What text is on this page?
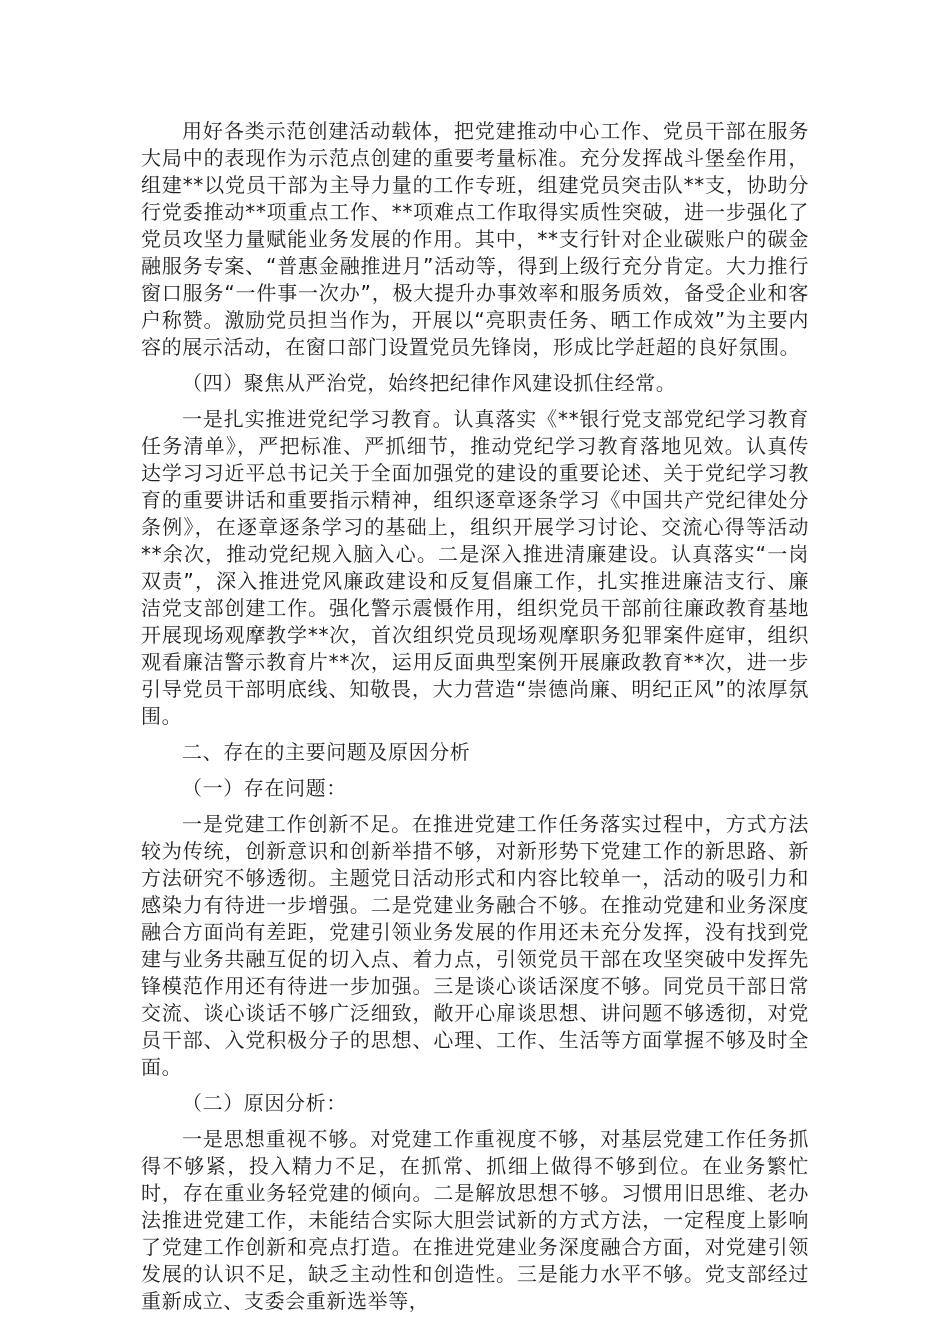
用好各类示范创建活动载体，把党建推动中心工作、党员干部在服务大局中的表现作为示范点创建的重要考量标准。充分发挥战斗堡垒作用，组建**以党员干部为主导力量的工作专班，组建党员突击队**支，协助分行党委推动**项重点工作、**项难点工作取得实质性突破，进一步强化了党员攻坚力量赋能业务发展的作用。其中，**支行针对企业碳账户的碳金融服务专案、“普惠金融推进月”活动等，得到上级行充分肯定。大力推行窗口服务“一件事一次办”，极大提升办事效率和服务质效，备受企业和客户称赞。激励党员担当作为，开展以“亮职责任务、晒工作成效”为主要内容的展示活动，在窗口部门设置党员先锋岗，形成比学赶超的良好氛围。

（四）聚焦从严治党，始终把纪律作风建设抓住经常。

一是扎实推进党纪学习教育。认真落实《**银行党支部党纪学习教育任务清单》，严把标准、严抓细节，推动党纪学习教育落地见效。认真传达学习习近平总书记关于全面加强党的建设的重要论述、关于党纪学习教育的重要讲话和重要指示精神，组织逐章逐条学习《中国共产党纪律处分条例》，在逐章逐条学习的基础上，组织开展学习讨论、交流心得等活动**余次，推动党纪规入脑入心。二是深入推进清廉建设。认真落实“一岗双责”，深入推进党风廉政建设和反复倡廉工作，扎实推进廉洁支行、廉洁党支部创建工作。强化警示震慑作用，组织党员干部前往廉政教育基地开展现场观摩教学**次，首次组织党员现场观摩职务犯罪案件庭审，组织观看廉洁警示教育片**次，运用反面典型案例开展廉政教育**次，进一步引导党员干部明底线、知敬畏，大力营造“崇德尚廉、明纪正风”的浓厚氛围。

二、存在的主要问题及原因分析

（一）存在问题：

一是党建工作创新不足。在推进党建工作任务落实过程中，方式方法较为传统，创新意识和创新举措不够，对新形势下党建工作的新思路、新方法研究不够透彻。主题党日活动形式和内容比较单一，活动的吸引力和感染力有待进一步增强。二是党建业务融合不够。在推动党建和业务深度融合方面尚有差距，党建引领业务发展的作用还未充分发挥，没有找到党建与业务共融互促的切入点、着力点，引领党员干部在攻坚突破中发挥先锋模范作用还有待进一步加强。三是谈心谈话深度不够。同党员干部日常交流、谈心谈话不够广泛细致，敞开心扉谈思想、讲问题不够透彻，对党员干部、入党积极分子的思想、心理、工作、生活等方面掌握不够及时全面。

（二）原因分析：

一是思想重视不够。对党建工作重视度不够，对基层党建工作任务抓得不够紧，投入精力不足，在抓常、抓细上做得不够到位。在业务繁忙时，存在重业务轻党建的倾向。二是解放思想不够。习惯用旧思维、老办法推进党建工作，未能结合实际大胆尝试新的方式方法，一定程度上影响了党建工作创新和亮点打造。在推进党建业务深度融合方面，对党建引领发展的认识不足，缺乏主动性和创造性。三是能力水平不够。党支部经过重新成立、支委会重新选举等，
